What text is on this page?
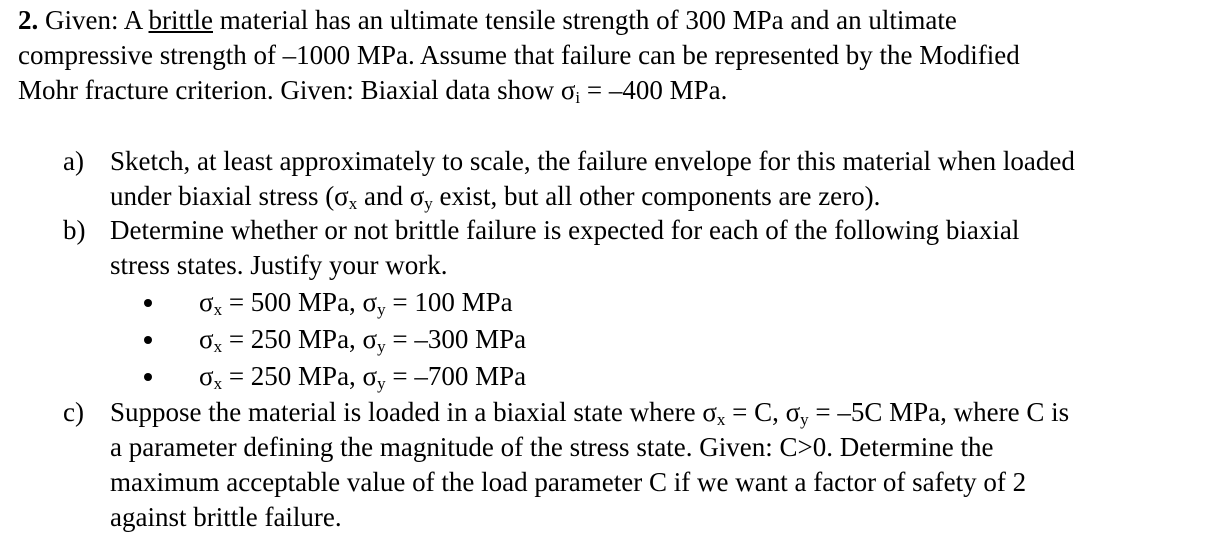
2. Given: A brittle material has an ultimate tensile strength of 300 MPa and an ultimate
compressive strength of –1000 MPa. Assume that failure can be represented by the Modified
Mohr fracture criterion. Given: Biaxial data show $\sigma_i = -400$ MPa.
a) Sketch, at least approximately to scale, the failure envelope for this material when loaded
under biaxial stress ($\sigma_x$ and $\sigma_y$ exist, but all other components are zero).
b) Determine whether or not brittle failure is expected for each of the following biaxial
stress states. Justify your work.
$\sigma_x = 500$ MPa, $\sigma_y = 100$ MPa
$\sigma_x = 250$ MPa, $\sigma_y = -300$ MPa
$\sigma_x = 250$ MPa, $\sigma_y = -700$ MPa
c) Suppose the material is loaded in a biaxial state where $\sigma_x = C$, $\sigma_y = -5C$ MPa, where C is
a parameter defining the magnitude of the stress state. Given: C>0. Determine the
maximum acceptable value of the load parameter C if we want a factor of safety of 2
against brittle failure.
